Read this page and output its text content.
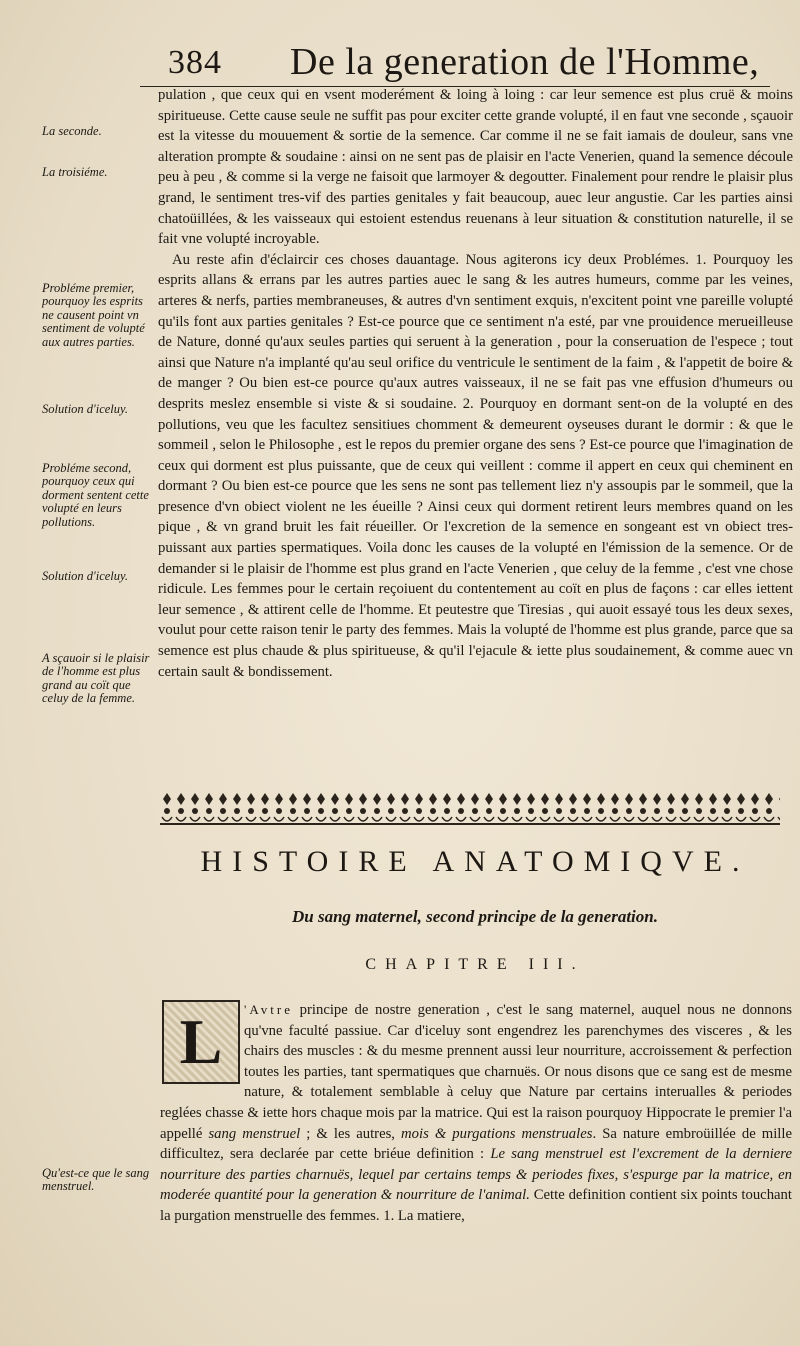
384 De la generation de l'Homme,
La seconde.
La troisiéme.
Probléme premier, pourquoy les esprits ne causent point vn sentiment de volupté aux autres parties.
Solution d'iceluy.
Probléme second, pourquoy ceux qui dorment sentent cette volupté en leurs pollutions.
Solution d'iceluy.
A sçauoir si le plaisir de l'homme est plus grand au coït que celuy de la femme.
Qu'est-ce que le sang menstruel.

pulation , que ceux qui en vsent moderément & loing à loing : car leur semence est plus cruë & moins spiritueuse. Cette cause seule ne suffit pas pour exciter cette grande volupté, il en faut vne seconde , sçauoir est la vitesse du mouuement & sortie de la semence. Car comme il ne se fait iamais de douleur, sans vne alteration prompte & soudaine : ainsi on ne sent pas de plaisir en l'acte Venerien, quand la semence découle peu à peu , & comme si la verge ne faisoit que larmoyer & degoutter. Finalement pour rendre le plaisir plus grand, le sentiment tres-vif des parties genitales y fait beaucoup, auec leur angustie. Car les parties ainsi chatoüillées, & les vaisseaux qui estoient estendus reuenans à leur situation & constitution naturelle, il se fait vne volupté incroyable.

Au reste afin d'éclaircir ces choses dauantage. Nous agiterons icy deux Problémes. 1. Pourquoy les esprits allans & errans par les autres parties auec le sang & les autres humeurs, comme par les veines, arteres & nerfs, parties membraneuses, & autres d'vn sentiment exquis, n'excitent point vne pareille volupté qu'ils font aux parties genitales ? Est-ce pource que ce sentiment n'a esté, par vne prouidence merueilleuse de Nature, donné qu'aux seules parties qui seruent à la generation , pour la conseruation de l'espece ; tout ainsi que Nature n'a implanté qu'au seul orifice du ventricule le sentiment de la faim , & l'appetit de boire & de manger ? Ou bien est-ce pource qu'aux autres vaisseaux, il ne se fait pas vne effusion d'humeurs ou desprits meslez ensemble si viste & si soudaine. 2. Pourquoy en dormant sent-on de la volupté en des pollutions, veu que les facultez sensitiues chomment & demeurent oyseuses durant le dormir : & que le sommeil , selon le Philosophe , est le repos du premier organe des sens ? Est-ce pource que l'imagination de ceux qui dorment est plus puissante, que de ceux qui veillent : comme il appert en ceux qui cheminent en dormant ? Ou bien est-ce pource que les sens ne sont pas tellement liez n'y assoupis par le sommeil, que la presence d'vn obiect violent ne les éueille ? Ainsi ceux qui dorment retirent leurs membres quand on les pique , & vn grand bruit les fait réueiller. Or l'excretion de la semence en songeant est vn obiect tres-puissant aux parties spermatiques. Voila donc les causes de la volupté en l'émission de la semence. Or de demander si le plaisir de l'homme est plus grand en l'acte Venerien , que celuy de la femme , c'est vne chose ridicule. Les femmes pour le certain reçoiuent du contentement au coït en plus de façons : car elles iettent leur semence , & attirent celle de l'homme. Et peutestre que Tiresias , qui auoit essayé tous les deux sexes, voulut pour cette raison tenir le party des femmes. Mais la volupté de l'homme est plus grande, parce que sa semence est plus chaude & plus spiritueuse, & qu'il l'ejacule & iette plus soudainement, & comme auec vn certain sault & bondissement.

HISTOIRE ANATOMIQVE.
Du sang maternel, second principe de la generation.
CHAPITRE III.

'Avtre principe de nostre generation , c'est le sang maternel, auquel nous ne donnons qu'vne faculté passiue. Car d'iceluy sont engendrez les parenchymes des visceres , & les chairs des muscles : & du mesme prennent aussi leur nourriture, accroissement & perfection toutes les parties, tant spermatiques que charnuës. Or nous disons que ce sang est de mesme nature, & totalement semblable à celuy que Nature par certains interualles & periodes reglées chasse & iette hors chaque mois par la matrice. Qui est la raison pourquoy Hippocrate le premier l'a appellé sang menstruel ; & les autres, mois & purgations menstruales. Sa nature embroüillée de mille difficultez, sera declarée par cette briéue definition : Le sang menstruel est l'excrement de la derniere nourriture des parties charnuës, lequel par certains temps & periodes fixes, s'espurge par la matrice, en moderée quantité pour la generation & nourriture de l'animal. Cette definition contient six points touchant la purgation menstruelle des femmes. 1. La matiere,

L
